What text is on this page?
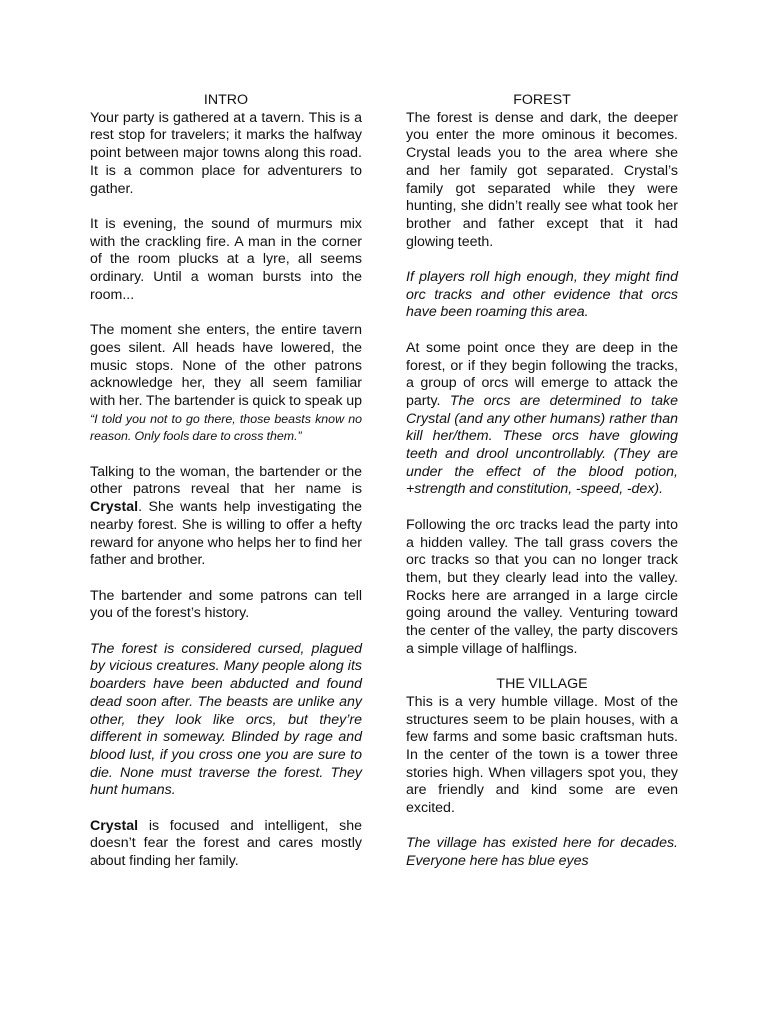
INTRO

Your party is gathered at a tavern. This is a rest stop for travelers; it marks the halfway point between major towns along this road. It is a common place for adventurers to gather.

It is evening, the sound of murmurs mix with the crackling fire. A man in the corner of the room plucks at a lyre, all seems ordinary. Until a woman bursts into the room...

The moment she enters, the entire tavern goes silent. All heads have lowered, the music stops. None of the other patrons acknowledge her, they all seem familiar with her. The bartender is quick to speak up “I told you not to go there, those beasts know no reason. Only fools dare to cross them.”

Talking to the woman, the bartender or the other patrons reveal that her name is Crystal. She wants help investigating the nearby forest. She is willing to offer a hefty reward for anyone who helps her to find her father and brother.

The bartender and some patrons can tell you of the forest’s history.

The forest is considered cursed, plagued by vicious creatures. Many people along its boarders have been abducted and found dead soon after. The beasts are unlike any other, they look like orcs, but they’re different in someway. Blinded by rage and blood lust, if you cross one you are sure to die. None must traverse the forest. They hunt humans.

Crystal is focused and intelligent, she doesn’t fear the forest and cares mostly about finding her family.

FOREST

The forest is dense and dark, the deeper you enter the more ominous it becomes. Crystal leads you to the area where she and her family got separated. Crystal’s family got separated while they were hunting, she didn’t really see what took her brother and father except that it had glowing teeth.

If players roll high enough, they might find orc tracks and other evidence that orcs have been roaming this area.

At some point once they are deep in the forest, or if they begin following the tracks, a group of orcs will emerge to attack the party. The orcs are determined to take Crystal (and any other humans) rather than kill her/them. These orcs have glowing teeth and drool uncontrollably. (They are under the effect of the blood potion, +strength and constitution, -speed, -dex).

Following the orc tracks lead the party into a hidden valley. The tall grass covers the orc tracks so that you can no longer track them, but they clearly lead into the valley. Rocks here are arranged in a large circle going around the valley. Venturing toward the center of the valley, the party discovers a simple village of halflings.

THE VILLAGE

This is a very humble village. Most of the structures seem to be plain houses, with a few farms and some basic craftsman huts. In the center of the town is a tower three stories high. When villagers spot you, they are friendly and kind some are even excited.

The village has existed here for decades. Everyone here has blue eyes
